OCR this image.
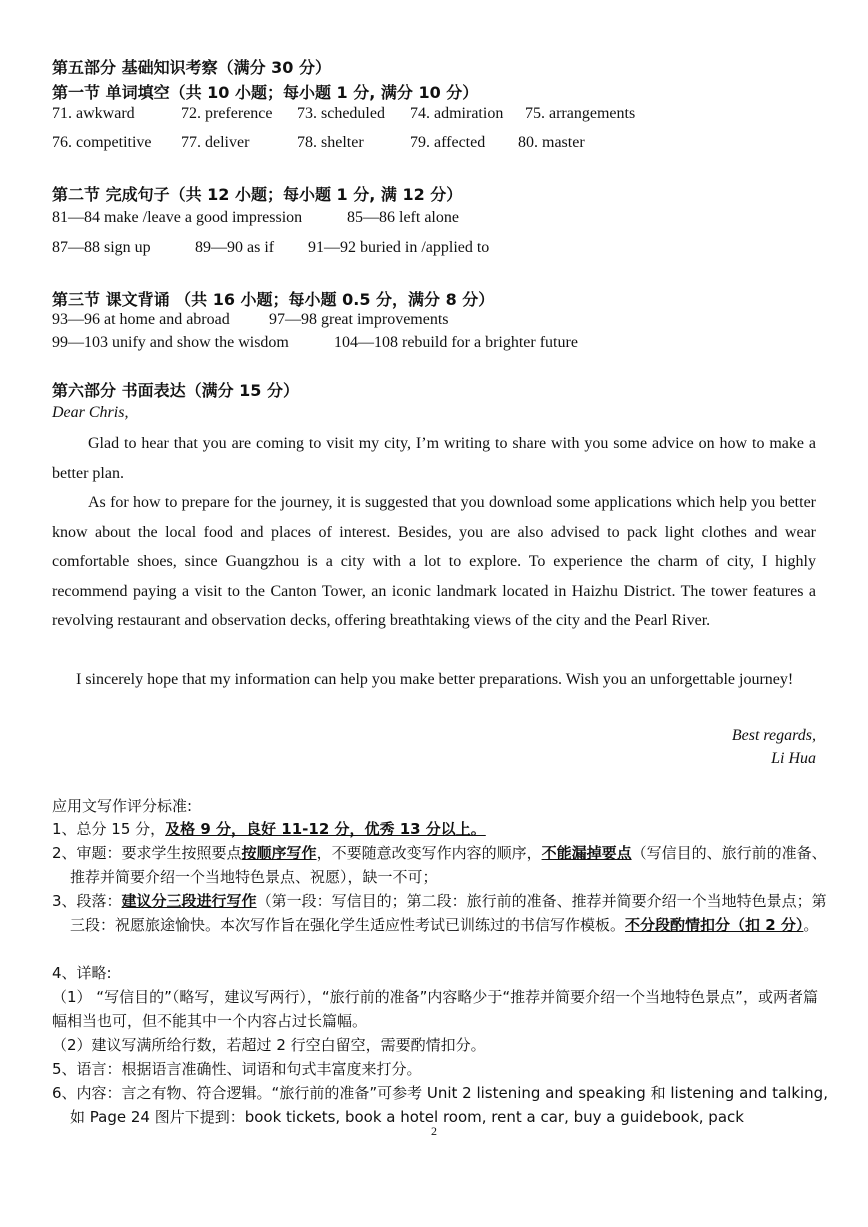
第五部分 基础知识考察（满分 30 分）
第一节 单词填空（共 10 小题；每小题 1 分, 满分 10 分）
71. awkward	72. preference 73. scheduled 74. admiration 75. arrangements
76. competitive 77. deliver	78. shelter	79. affected 80. master
第二节 完成句子（共 12 小题；每小题 1 分, 满 12 分）
81—84 make /leave a good impression	85—86 left alone
87—88 sign up	89—90 as if 91—92 buried in /applied to
第三节 课文背诵 （共 16 小题；每小题 0.5 分，满分 8 分）
93—96 at home and abroad 97—98 great improvements
99—103 unify and show the wisdom	104—108 rebuild for a brighter future
第六部分 书面表达（满分 15 分）
Dear Chris,
Glad to hear that you are coming to visit my city, I’m writing to share with you some advice on how to make a better plan.
As for how to prepare for the journey, it is suggested that you download some applications which help you better know about the local food and places of interest. Besides, you are also advised to pack light clothes and wear comfortable shoes, since Guangzhou is a city with a lot to explore. To experience the charm of city, I highly recommend paying a visit to the Canton Tower, an iconic landmark located in Haizhu District. The tower features a revolving restaurant and observation decks, offering breathtaking views of the city and the Pearl River.
I sincerely hope that my information can help you make better preparations. Wish you an unforgettable journey!
Best regards,
Li Hua
应用文写作评分标准:
1、总分 15 分，及格 9 分，良好 11-12 分，优秀 13 分以上。
2、审题：要求学生按照要点按顺序写作，不要随意改变写作内容的顺序，不能漏掉要点（写信目的、旅行前的准备、推荐并简要介绍一个当地特色景点、祝愿），缺一不可；
3、段落：建议分三段进行写作（第一段：写信目的；第二段：旅行前的准备、推荐并简要介绍一个当地特色景点；第三段：祝愿旅途愉快。本次写作旨在强化学生适应性考试已训练过的书信写作模板。不分段酌情扣分（扣 2 分）。
4、详略:
（1） “写信目的”（略写，建议写两行），“旅行前的准备”内容略少于“推荐并简要介绍一个当地特色景点”，或两者篇幅相当也可，但不能其中一个内容占过长篇幅。
（2）建议写满所给行数，若超过 2 行空白留空，需要酌情扣分。
5、语言：根据语言准确性、词语和句式丰富度来打分。
6、内容：言之有物、符合逻辑。“旅行前的准备”可参考 Unit 2 listening and speaking 和 listening and talking, 如 Page 24 图片下提到：book tickets, book a hotel room, rent a car, buy a guidebook, pack
2
